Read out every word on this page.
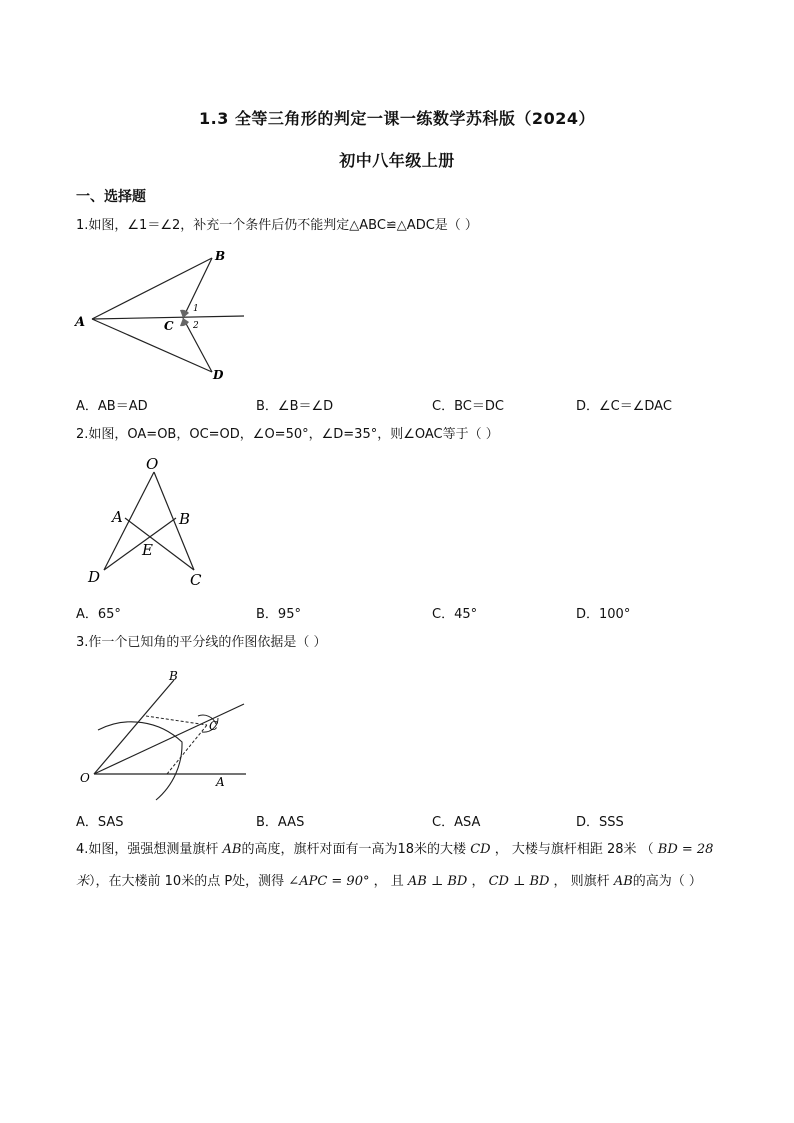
1.3 全等三角形的判定一课一练数学苏科版（2024）
初中八年级上册
一、选择题
1.如图，∠1＝∠2，补充一个条件后仍不能判定△ABC≌△ADC是（ ）
A
B
C
D
1
2
A．AB＝AD	B．∠B＝∠D	C．BC＝DC	D．∠C＝∠DAC
2.如图，OA=OB，OC=OD，∠O=50°，∠D=35°，则∠OAC等于（ ）
O
A	B
E
D	C
A．65°	B．95°	C．45°	D．100°
3.作一个已知角的平分线的作图依据是（ ）
B
C
O	A
A．SAS	B．AAS	C．ASA	D．SSS
4.如图，强强想测量旗杆 AB的高度，旗杆对面有一高为18米的大楼 CD ， 大楼与旗杆相距 28米 （ BD = 28米），在大楼前 10米的点 P处，测得 ∠APC = 90° ， 且 AB ⊥ BD ， CD ⊥ BD ， 则旗杆 AB的高为（ ）
